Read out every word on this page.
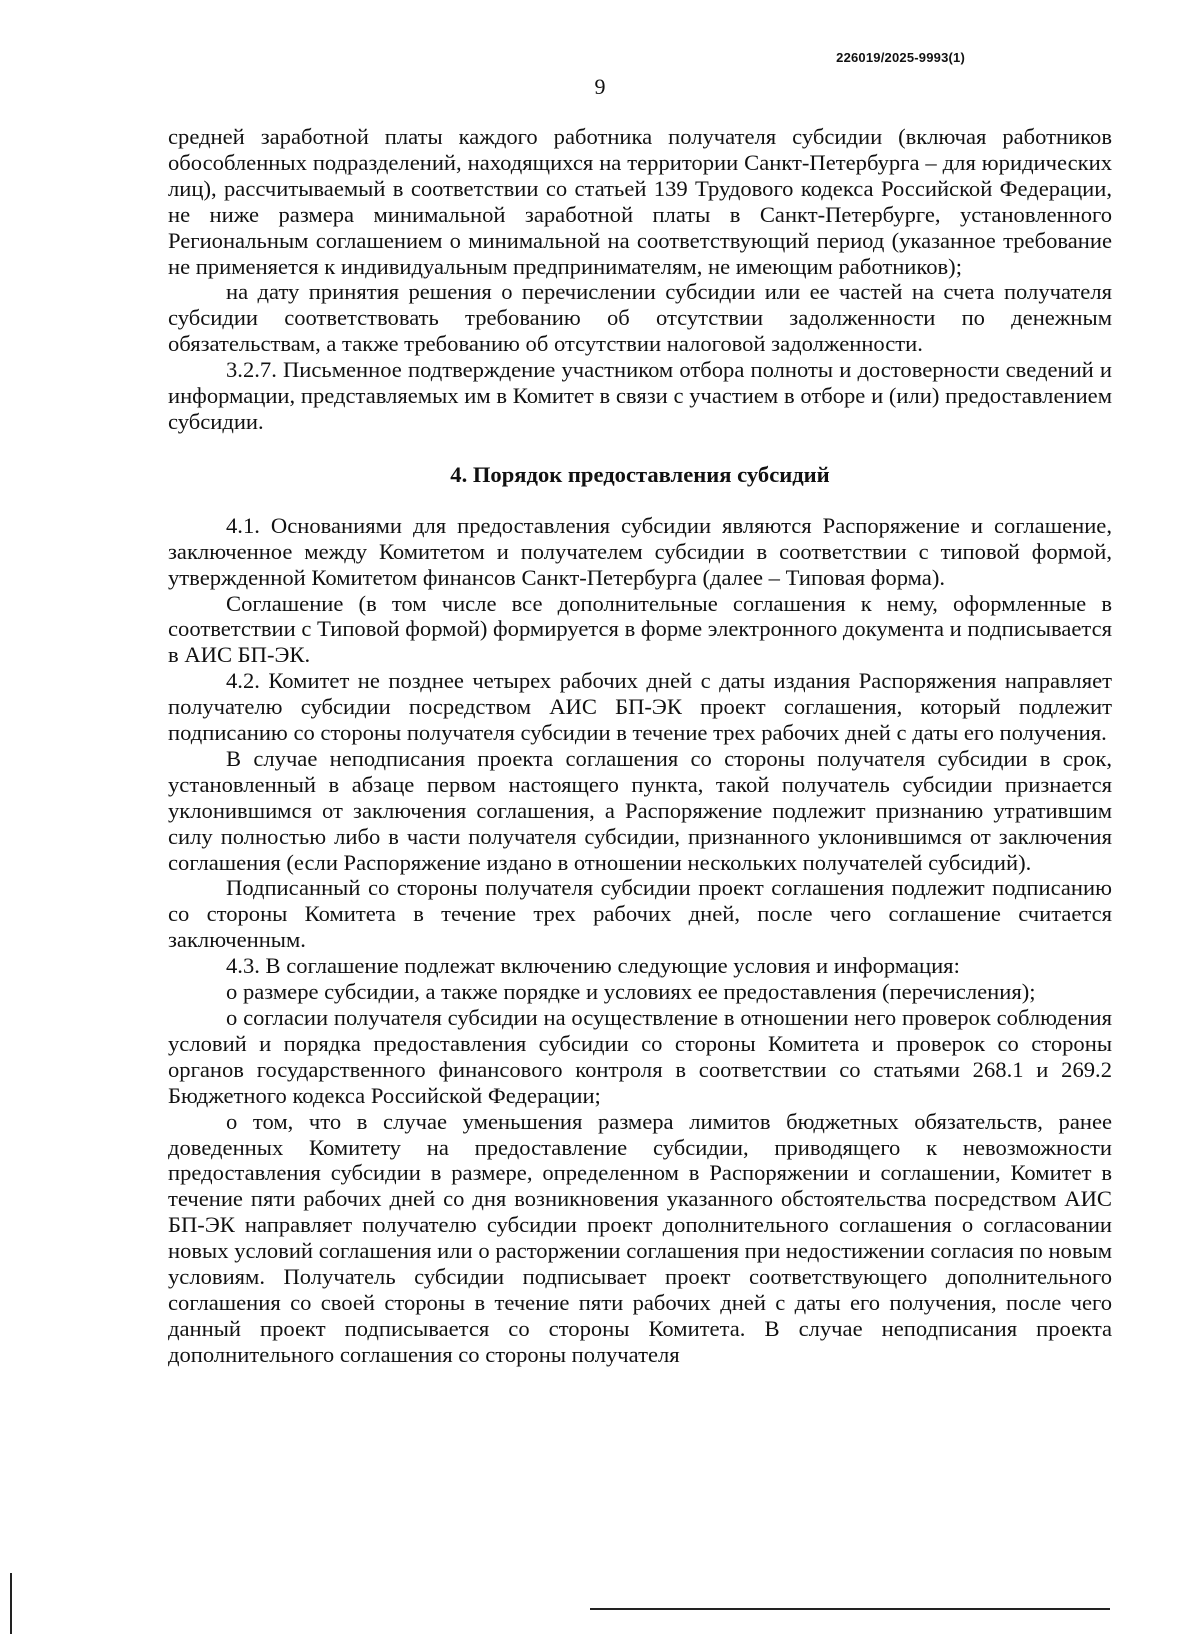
226019/2025-9993(1)
9

средней заработной платы каждого работника получателя субсидии (включая работников обособленных подразделений, находящихся на территории Санкт-Петербурга – для юридических лиц), рассчитываемый в соответствии со статьей 139 Трудового кодекса Российской Федерации, не ниже размера минимальной заработной платы в Санкт-Петербурге, установленного Региональным соглашением о минимальной на соответствующий период (указанное требование не применяется к индивидуальным предпринимателям, не имеющим работников);

на дату принятия решения о перечислении субсидии или ее частей на счета получателя субсидии соответствовать требованию об отсутствии задолженности по денежным обязательствам, а также требованию об отсутствии налоговой задолженности.

3.2.7. Письменное подтверждение участником отбора полноты и достоверности сведений и информации, представляемых им в Комитет в связи с участием в отборе и (или) предоставлением субсидии.

4. Порядок предоставления субсидий

4.1. Основаниями для предоставления субсидии являются Распоряжение и соглашение, заключенное между Комитетом и получателем субсидии в соответствии с типовой формой, утвержденной Комитетом финансов Санкт-Петербурга (далее – Типовая форма).

Соглашение (в том числе все дополнительные соглашения к нему, оформленные в соответствии с Типовой формой) формируется в форме электронного документа и подписывается в АИС БП-ЭК.

4.2. Комитет не позднее четырех рабочих дней с даты издания Распоряжения направляет получателю субсидии посредством АИС БП-ЭК проект соглашения, который подлежит подписанию со стороны получателя субсидии в течение трех рабочих дней с даты его получения.

В случае неподписания проекта соглашения со стороны получателя субсидии в срок, установленный в абзаце первом настоящего пункта, такой получатель субсидии признается уклонившимся от заключения соглашения, а Распоряжение подлежит признанию утратившим силу полностью либо в части получателя субсидии, признанного уклонившимся от заключения соглашения (если Распоряжение издано в отношении нескольких получателей субсидий).

Подписанный со стороны получателя субсидии проект соглашения подлежит подписанию со стороны Комитета в течение трех рабочих дней, после чего соглашение считается заключенным.

4.3. В соглашение подлежат включению следующие условия и информация:

о размере субсидии, а также порядке и условиях ее предоставления (перечисления);

о согласии получателя субсидии на осуществление в отношении него проверок соблюдения условий и порядка предоставления субсидии со стороны Комитета и проверок со стороны органов государственного финансового контроля в соответствии со статьями 268.1 и 269.2 Бюджетного кодекса Российской Федерации;

о том, что в случае уменьшения размера лимитов бюджетных обязательств, ранее доведенных Комитету на предоставление субсидии, приводящего к невозможности предоставления субсидии в размере, определенном в Распоряжении и соглашении, Комитет в течение пяти рабочих дней со дня возникновения указанного обстоятельства посредством АИС БП-ЭК направляет получателю субсидии проект дополнительного соглашения о согласовании новых условий соглашения или о расторжении соглашения при недостижении согласия по новым условиям. Получатель субсидии подписывает проект соответствующего дополнительного соглашения со своей стороны в течение пяти рабочих дней с даты его получения, после чего данный проект подписывается со стороны Комитета. В случае неподписания проекта дополнительного соглашения со стороны получателя
